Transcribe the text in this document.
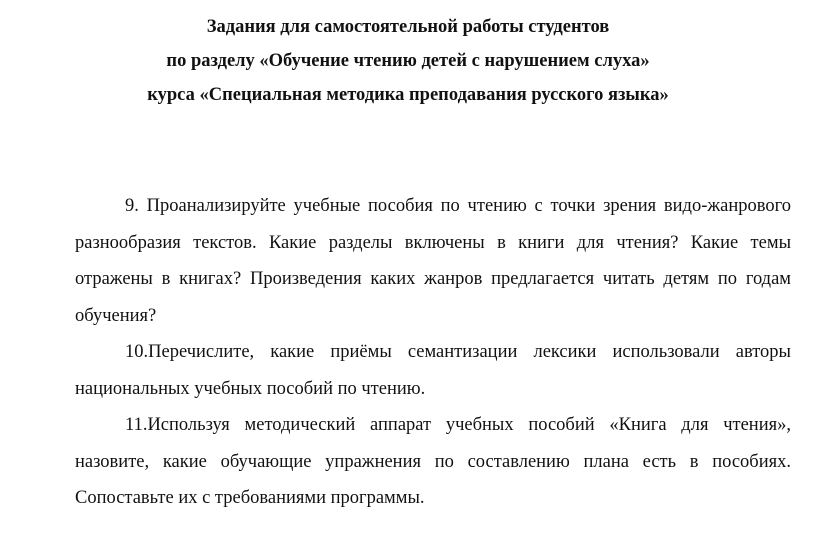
Задания для самостоятельной работы студентов
по разделу «Обучение чтению детей с нарушением слуха»
курса «Специальная методика преподавания русского языка»

9. Проанализируйте учебные пособия по чтению с точки зрения видо-жанрового разнообразия текстов. Какие разделы включены в книги для чтения? Какие темы отражены в книгах? Произведения каких жанров предлагается читать детям по годам обучения?

10.Перечислите, какие приёмы семантизации лексики использовали авторы национальных учебных пособий по чтению.

11.Используя методический аппарат учебных пособий «Книга для чтения», назовите, какие обучающие упражнения по составлению плана есть в пособиях. Сопоставьте их с требованиями программы.
